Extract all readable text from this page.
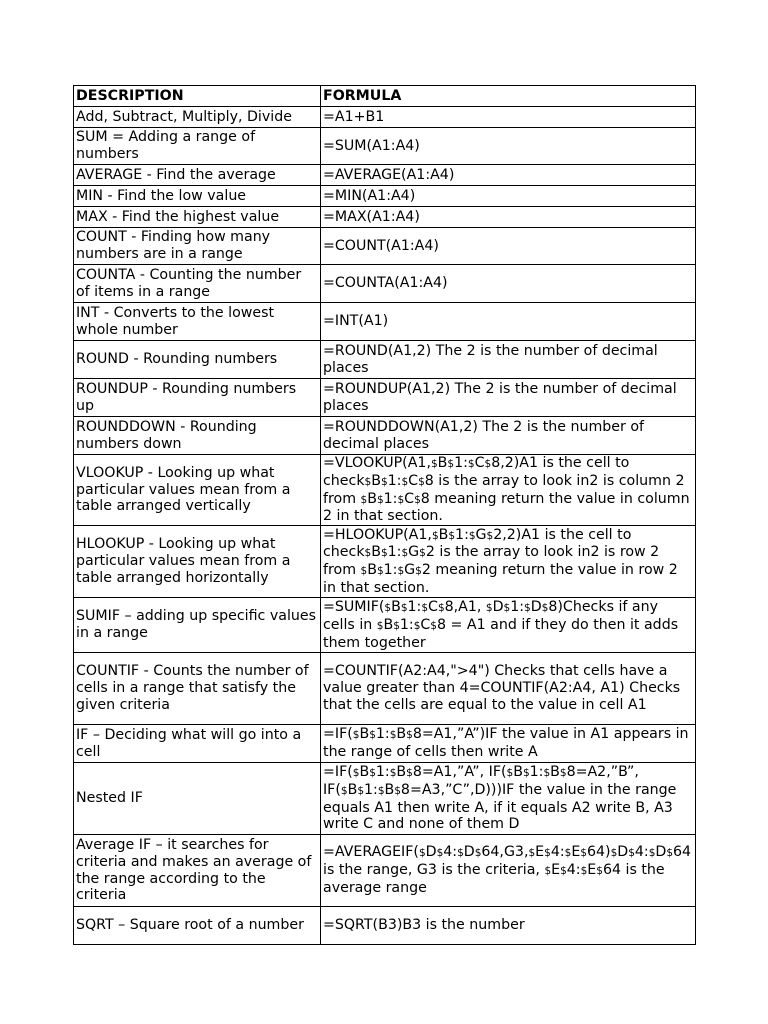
DESCRIPTION	FORMULA
Add, Subtract, Multiply, Divide	=A1+B1
SUM = Adding a range of numbers	=SUM(A1:A4)
AVERAGE - Find the average	=AVERAGE(A1:A4)
MIN - Find the low value	=MIN(A1:A4)
MAX - Find the highest value	=MAX(A1:A4)
COUNT - Finding how many numbers are in a range	=COUNT(A1:A4)
COUNTA - Counting the number of items in a range	=COUNTA(A1:A4)
INT - Converts to the lowest whole number	=INT(A1)
ROUND - Rounding numbers	=ROUND(A1,2) The 2 is the number of decimal places
ROUNDUP - Rounding numbers up	=ROUNDUP(A1,2) The 2 is the number of decimal places
ROUNDDOWN - Rounding numbers down	=ROUNDDOWN(A1,2) The 2 is the number of decimal places
VLOOKUP - Looking up what particular values mean from a table arranged vertically	=VLOOKUP(A1,$B$1:$C$8,2)A1 is the cell to check$B$1:$C$8 is the array to look in2 is column 2 from $B$1:$C$8 meaning return the value in column 2 in that section.
HLOOKUP - Looking up what particular values mean from a table arranged horizontally	=HLOOKUP(A1,$B$1:$G$2,2)A1 is the cell to check$B$1:$G$2 is the array to look in2 is row 2 from $B$1:$G$2 meaning return the value in row 2 in that section.
SUMIF – adding up specific values in a range	=SUMIF($B$1:$C$8,A1, $D$1:$D$8)Checks if any cells in $B$1:$C$8 = A1 and if they do then it adds them together
COUNTIF - Counts the number of cells in a range that satisfy the given criteria	=COUNTIF(A2:A4,">4") Checks that cells have a value greater than 4=COUNTIF(A2:A4, A1) Checks that the cells are equal to the value in cell A1
IF – Deciding what will go into a cell	=IF($B$1:$B$8=A1,”A”)IF the value in A1 appears in the range of cells then write A
Nested IF	=IF($B$1:$B$8=A1,”A”, IF($B$1:$B$8=A2,”B”, IF($B$1:$B$8=A3,”C”,D)))IF the value in the range equals A1 then write A, if it equals A2 write B, A3 write C and none of them D
Average IF – it searches for criteria and makes an average of the range according to the criteria	=AVERAGEIF($D$4:$D$64,G3,$E$4:$E$64)$D$4:$D$64 is the range, G3 is the criteria, $E$4:$E$64 is the average range
SQRT – Square root of a number	=SQRT(B3)B3 is the number
